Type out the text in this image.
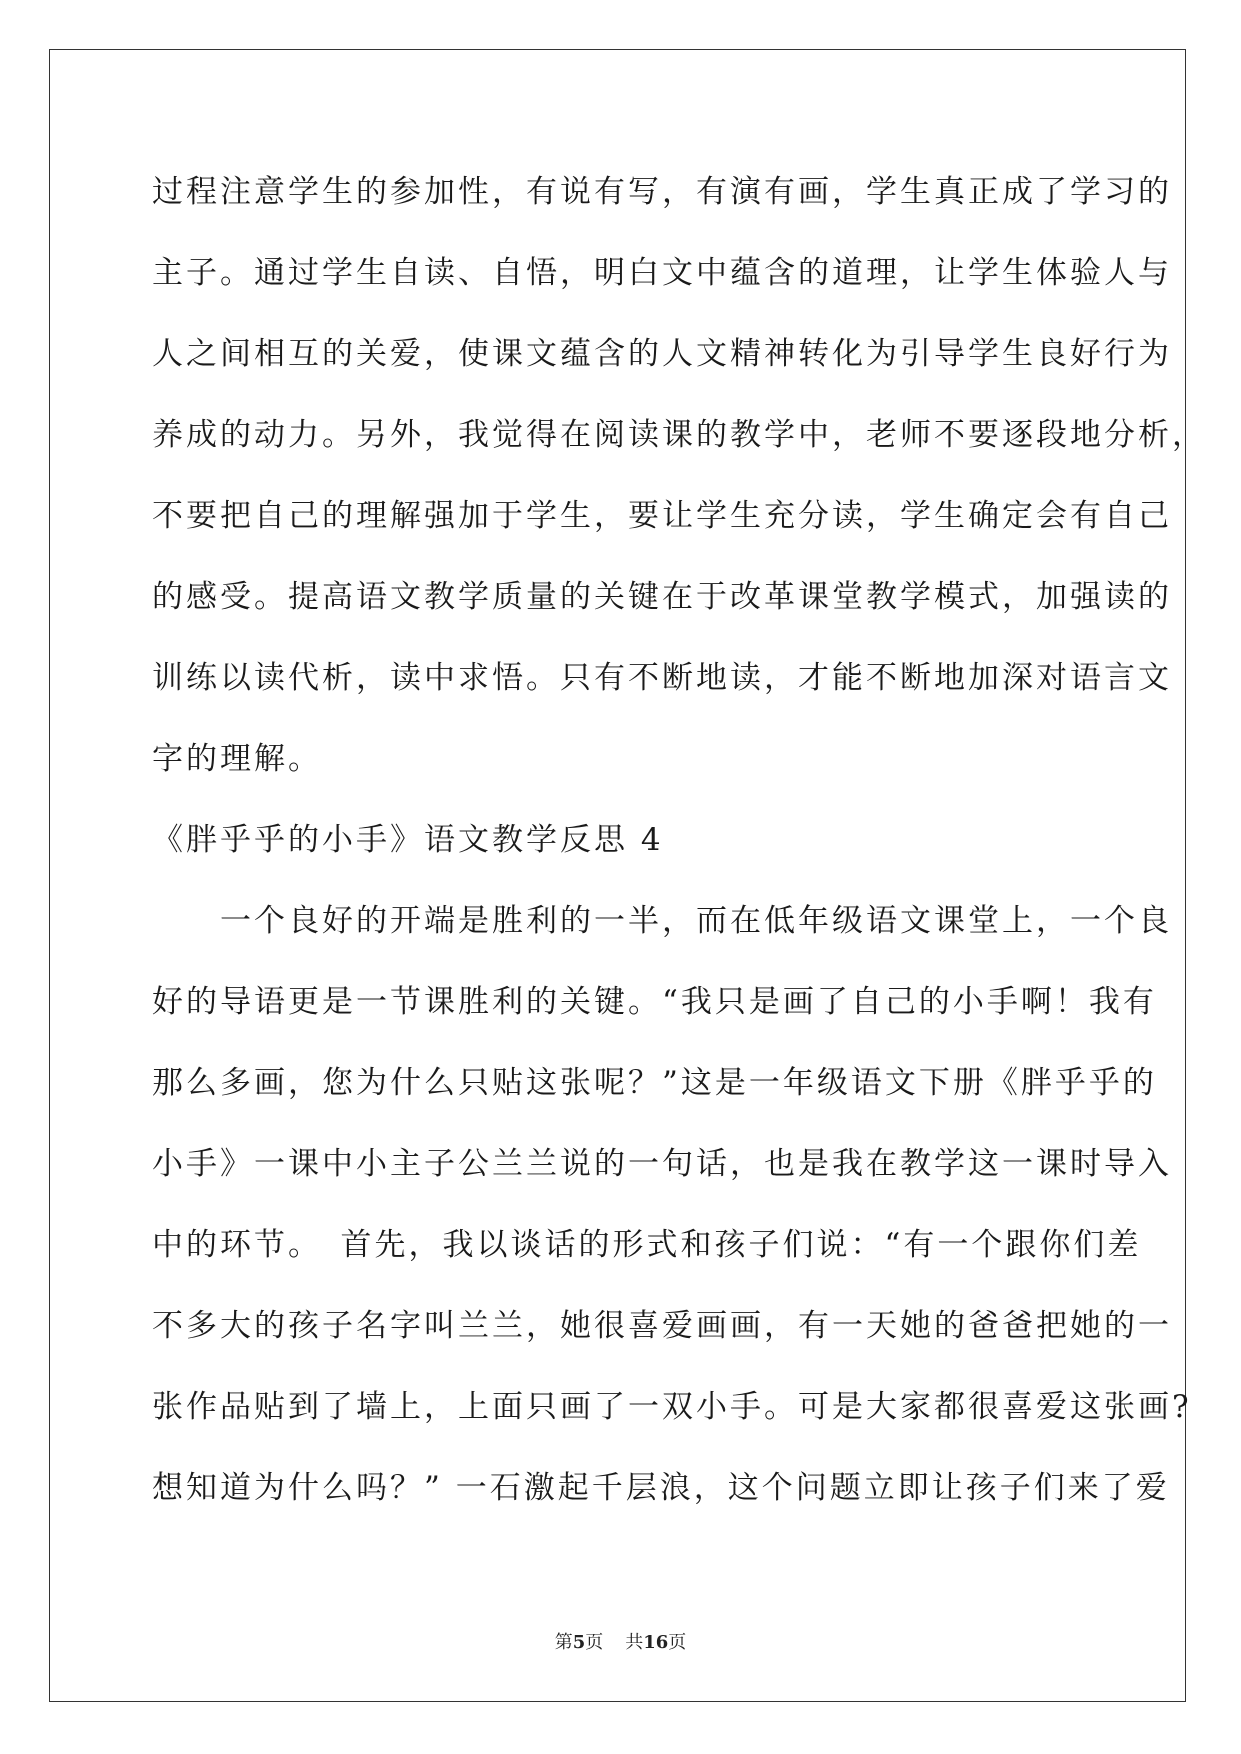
过程注意学生的参加性，有说有写，有演有画，学生真正成了学习的
主子。通过学生自读、自悟，明白文中蕴含的道理，让学生体验人与
人之间相互的关爱，使课文蕴含的人文精神转化为引导学生良好行为
养成的动力。另外，我觉得在阅读课的教学中，老师不要逐段地分析，
不要把自己的理解强加于学生，要让学生充分读，学生确定会有自己
的感受。提高语文教学质量的关键在于改革课堂教学模式，加强读的
训练以读代析，读中求悟。只有不断地读，才能不断地加深对语言文
字的理解。
《胖乎乎的小手》语文教学反思 4
　　一个良好的开端是胜利的一半，而在低年级语文课堂上，一个良
好的导语更是一节课胜利的关键。“我只是画了自己的小手啊！我有
那么多画，您为什么只贴这张呢？”这是一年级语文下册《胖乎乎的
小手》一课中小主子公兰兰说的一句话，也是我在教学这一课时导入
中的环节。　首先，我以谈话的形式和孩子们说：“有一个跟你们差
不多大的孩子名字叫兰兰，她很喜爱画画，有一天她的爸爸把她的一
张作品贴到了墙上，上面只画了一双小手。可是大家都很喜爱这张画?
想知道为什么吗？” 一石激起千层浪，这个问题立即让孩子们来了爱
第5页 共16页
